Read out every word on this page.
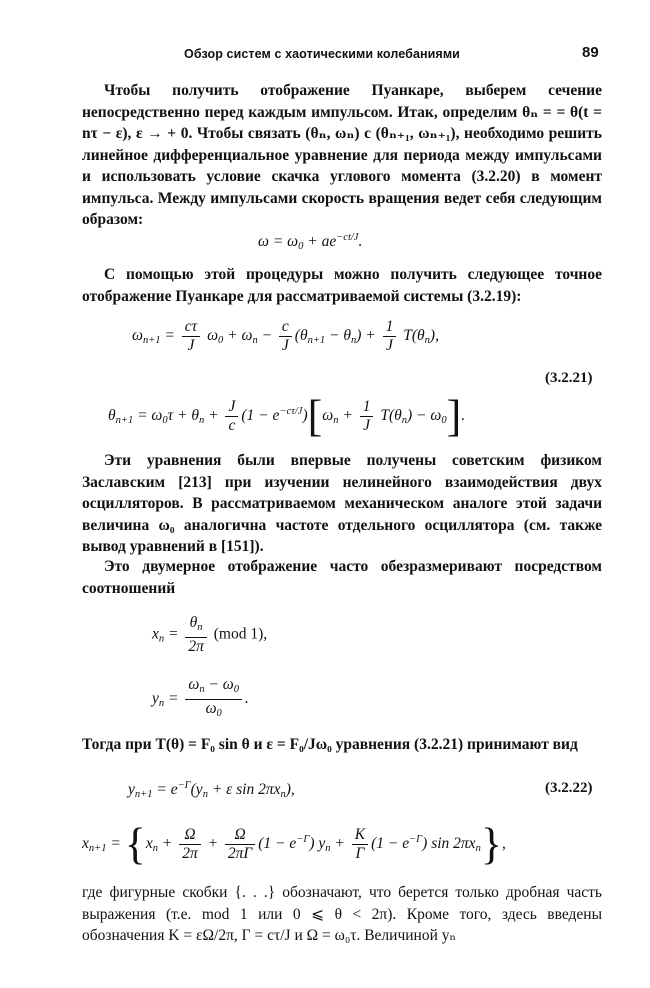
Обзор систем с хаотическими колебаниями	89
Чтобы получить отображение Пуанкаре, выберем сечение непосредственно перед каждым импульсом. Итак, определим θₙ = = θ(t = nτ − ε), ε → + 0. Чтобы связать (θₙ, ωₙ) с (θₙ₊₁, ωₙ₊₁), необходимо решить линейное дифференциальное уравнение для периода между импульсами и использовать условие скачка углового момента (3.2.20) в момент импульса. Между импульсами скорость вращения ведет себя следующим образом:
$\omega = \omega_0 + ae^{-ct/J}$.
С помощью этой процедуры можно получить следующее точное отображение Пуанкаре для рассматриваемой системы (3.2.19):
$\omega_{n+1} = \frac{c\tau}{J} \omega_0 + \omega_n - \frac{c}{J} (\theta_{n+1} - \theta_n) + \frac{1}{J} T(\theta_n)$,
(3.2.21)
$\theta_{n+1} = \omega_0\tau + \theta_n + \frac{J}{c} (1 - e^{-c\tau/J})[\omega_n + \frac{1}{J} T(\theta_n) - \omega_0]$.
Эти уравнения были впервые получены советским физиком Заславским [213] при изучении нелинейного взаимодействия двух осцилляторов. В рассматриваемом механическом аналоге этой задачи величина ω₀ аналогична частоте отдельного осциллятора (см. также вывод уравнений в [151]).
Это двумерное отображение часто обезразмеривают посредством соотношений
$x_n = \frac{\theta_n}{2\pi} (mod$ 1),
$y_n = \frac{\omega_n - \omega_0}{\omega_0}$ .
Тогда при T(θ) = F₀ sin θ и ε = F₀/Jω₀ уравнения (3.2.21) принимают вид
$y_{n+1} = e^{-\Gamma}(y_n + \varepsilon$ $\sin 2\pi x_n$),	(3.2.22)
$x_{n+1} = \{x_n + \frac{\Omega}{2\pi} + \frac{\Omega}{2\pi\Gamma} (1 - e^{-\Gamma}) y_n + \frac{K}{\Gamma} (1 - e^{-\Gamma})$ $\sin 2\pi x_n$},
где фигурные скобки {. . .} обозначают, что берется только дробная часть выражения (т.е. mod 1 или 0 ⩽ θ < 2π). Кроме того, здесь введены обозначения K = εΩ/2π, Γ = cτ/J и Ω = ω₀τ. Величиной yₙ
